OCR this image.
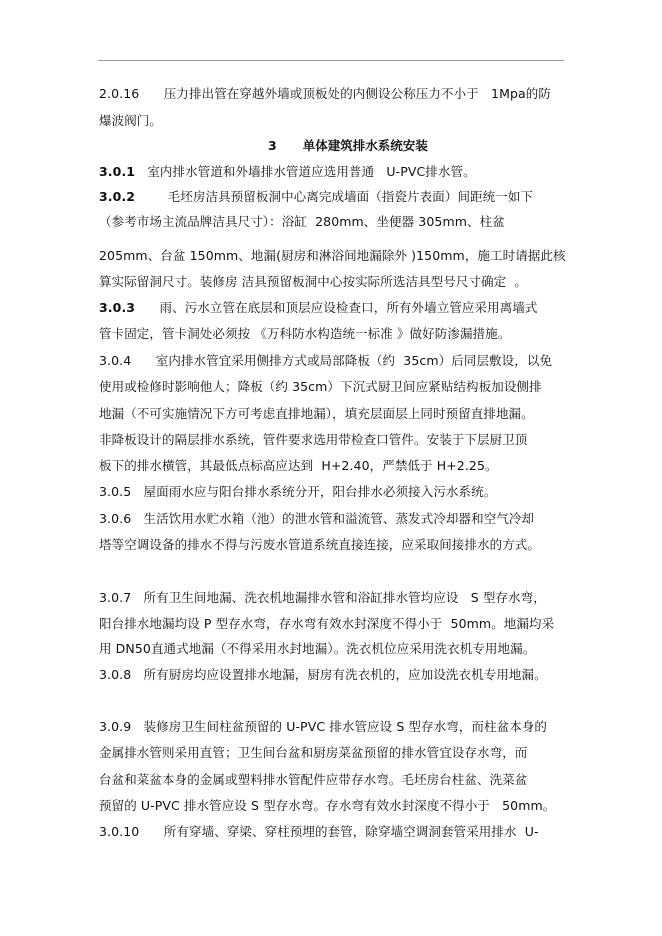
2.0.16      压力排出管在穿越外墙或顶板处的内侧设公称压力不小于   1Mpa的防
爆波阀门。
3      单体建筑排水系统安装
3.0.1   室内排水管道和外墙排水管道应选用普通   U-PVC排水管。
3.0.2        毛坯房洁具预留板洞中心离完成墙面（指瓷片表面）间距统一如下
（参考市场主流品牌洁具尺寸）：浴缸  280mm、坐便器 305mm、柱盆
205mm、台盆 150mm、地漏(厨房和淋浴间地漏除外 )150mm，施工时请据此核
算实际留洞尺寸。装修房 洁具预留板洞中心按实际所选洁具型号尺寸确定  。
3.0.3      雨、污水立管在底层和顶层应设检查口，所有外墙立管应采用离墙式
管卡固定，管卡洞处必须按 《万科防水构造统一标准 》做好防渗漏措施。
3.0.4      室内排水管宜采用侧排方式或局部降板（约  35cm）后同层敷设，以免
使用或检修时影响他人；降板（约 35cm）下沉式厨卫间应紧贴结构板加设侧排
地漏（不可实施情况下方可考虑直排地漏），填充层面层上同时预留直排地漏。
非降板设计的隔层排水系统，管件要求选用带检查口管件。安装于下层厨卫顶
板下的排水横管，其最低点标高应达到  H+2.40，严禁低于 H+2.25。
3.0.5   屋面雨水应与阳台排水系统分开，阳台排水必须接入污水系统。
3.0.6   生活饮用水贮水箱（池）的泄水管和溢流管、蒸发式冷却器和空气冷却
塔等空调设备的排水不得与污废水管道系统直接连接，应采取间接排水的方式。
3.0.7   所有卫生间地漏、洗衣机地漏排水管和浴缸排水管均应设   S 型存水弯，
阳台排水地漏均设 P 型存水弯，存水弯有效水封深度不得小于  50mm。地漏均采
用 DN50直通式地漏（不得采用水封地漏）。洗衣机位应采用洗衣机专用地漏。
3.0.8   所有厨房均应设置排水地漏，厨房有洗衣机的，应加设洗衣机专用地漏。
3.0.9   装修房卫生间柱盆预留的 U-PVC 排水管应设 S 型存水弯，而柱盆本身的
金属排水管则采用直管；卫生间台盆和厨房菜盆预留的排水管宜设存水弯，而
台盆和菜盆本身的金属或塑料排水管配件应带存水弯。毛坯房台柱盆、洗菜盆
预留的 U-PVC 排水管应设 S 型存水弯。存水弯有效水封深度不得小于   50mm。
3.0.10      所有穿墙、穿梁、穿柱预埋的套管，除穿墙空调洞套管采用排水  U-
